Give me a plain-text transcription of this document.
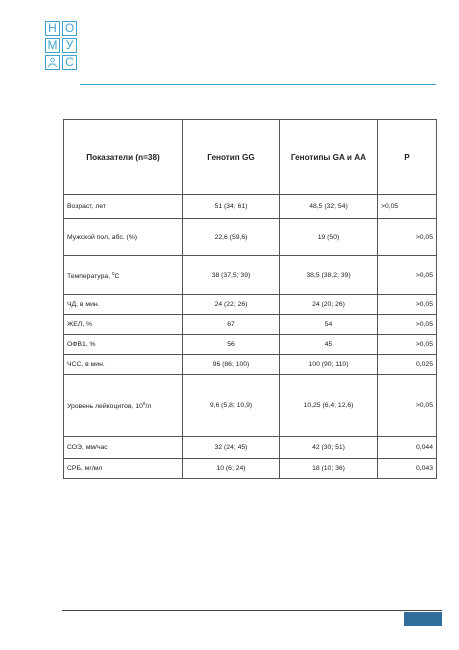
Н О
М У
С
Показатели (n=38)	Генотип GG	Генотипы GA и AA	P
Возраст, лет	51 (34; 61)	48,5 (32; 54)	>0,05
Мужской пол, абс. (%)	22,6 (59,6)	19 (50)	>0,05
Температура, $^0$С	38 (37,5; 39)	38,5 (38,2; 39)	>0,05
ЧД, в мин.	24 (22; 26)	24 (20; 26)	>0,05
ЖЕЛ, %	67	54	>0,05
ОФВ1, %	56	45	>0,05
ЧСС, в мин.	96 (86; 100)	100 (90; 110)	0,025
Уровень лейкоцитов, $10^9/л$	9,6 (5,8; 10,9)	10,25 (6,4; 12,6)	>0,05
СОЭ, мм/час	32 (24; 45)	42 (30; 51)	0,044
СРБ, мг/мл	10 (6; 24)	18 (10; 36)	0,043
